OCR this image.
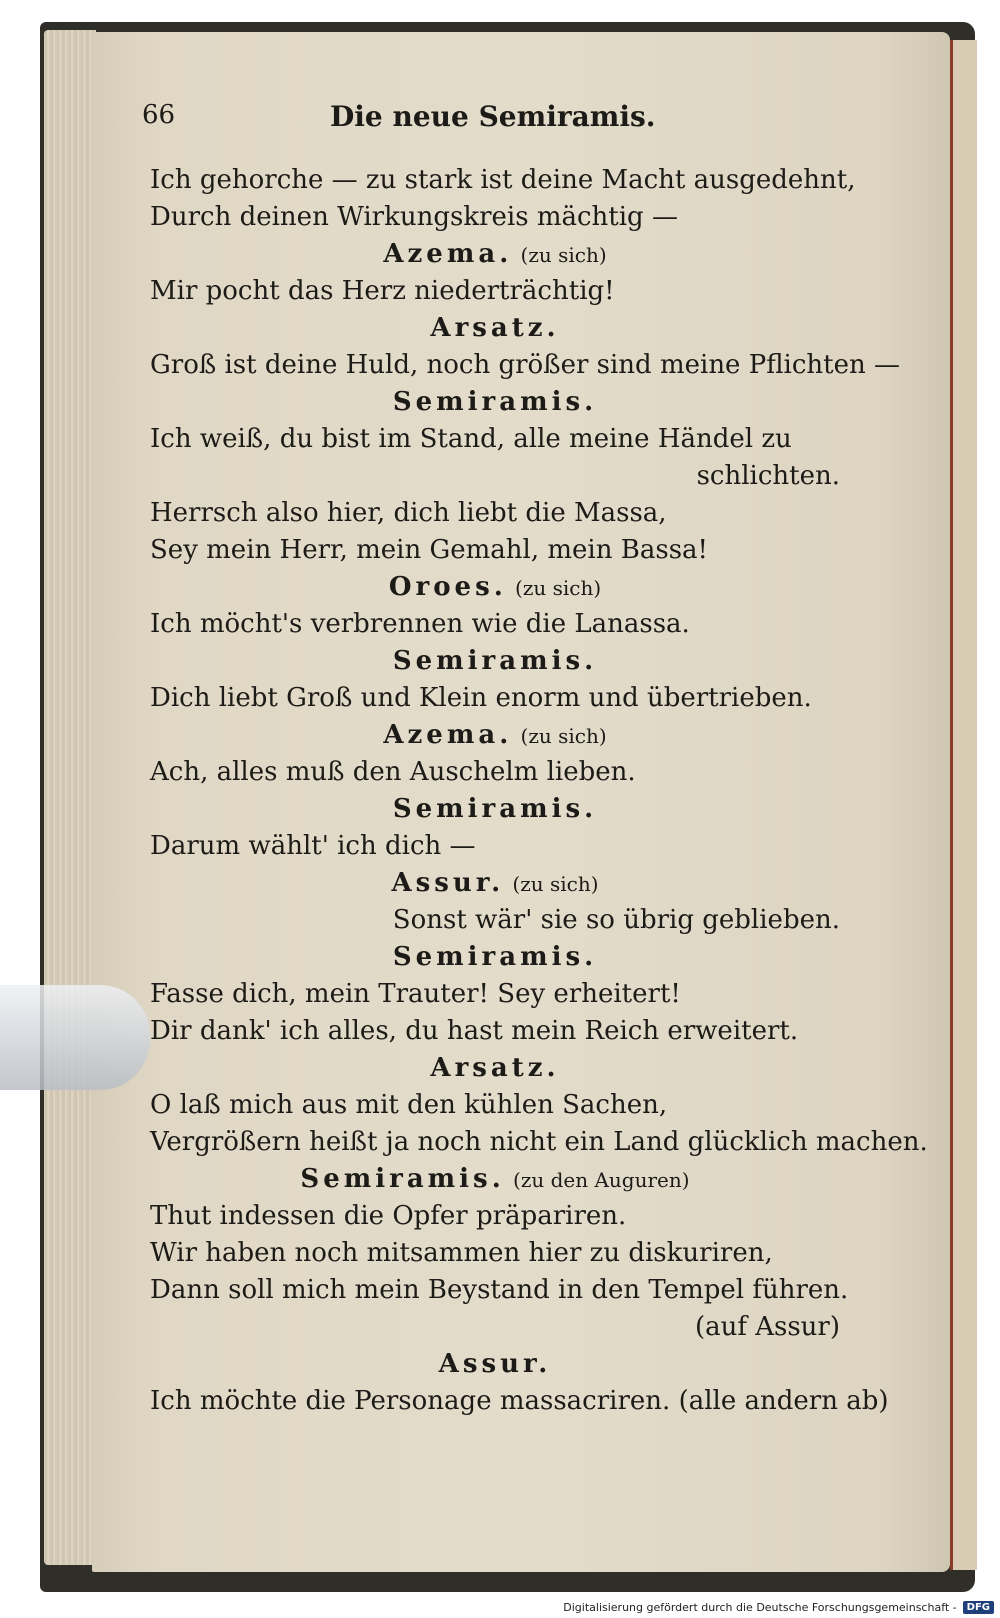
66	Die neue Semiramis.
Ich gehorche — zu stark ist deine Macht ausgedehnt,
Durch deinen Wirkungskreis mächtig —
Azema. (zu sich)
Mir pocht das Herz niederträchtig!
Arsatz.
Groß ist deine Huld, noch größer sind meine Pflichten —
Semiramis.
Ich weiß, du bist im Stand, alle meine Händel zu
schlichten.
Herrsch also hier, dich liebt die Massa,
Sey mein Herr, mein Gemahl, mein Bassa!
Oroes. (zu sich)
Ich möcht's verbrennen wie die Lanassa.
Semiramis.
Dich liebt Groß und Klein enorm und übertrieben.
Azema. (zu sich)
Ach, alles muß den Auschelm lieben.
Semiramis.
Darum wählt' ich dich —
Assur. (zu sich)
Sonst wär' sie so übrig geblieben.
Semiramis.
Fasse dich, mein Trauter! Sey erheitert!
Dir dank' ich alles, du hast mein Reich erweitert.
Arsatz.
O laß mich aus mit den kühlen Sachen,
Vergrößern heißt ja noch nicht ein Land glücklich machen.
Semiramis. (zu den Auguren)
Thut indessen die Opfer präpariren.
Wir haben noch mitsammen hier zu diskuriren,
Dann soll mich mein Beystand in den Tempel führen.
(auf Assur)
Assur.
Ich möchte die Personage massacriren. (alle andern ab)
Digitalisierung gefördert durch die Deutsche Forschungsgemeinschaft -	DFG
